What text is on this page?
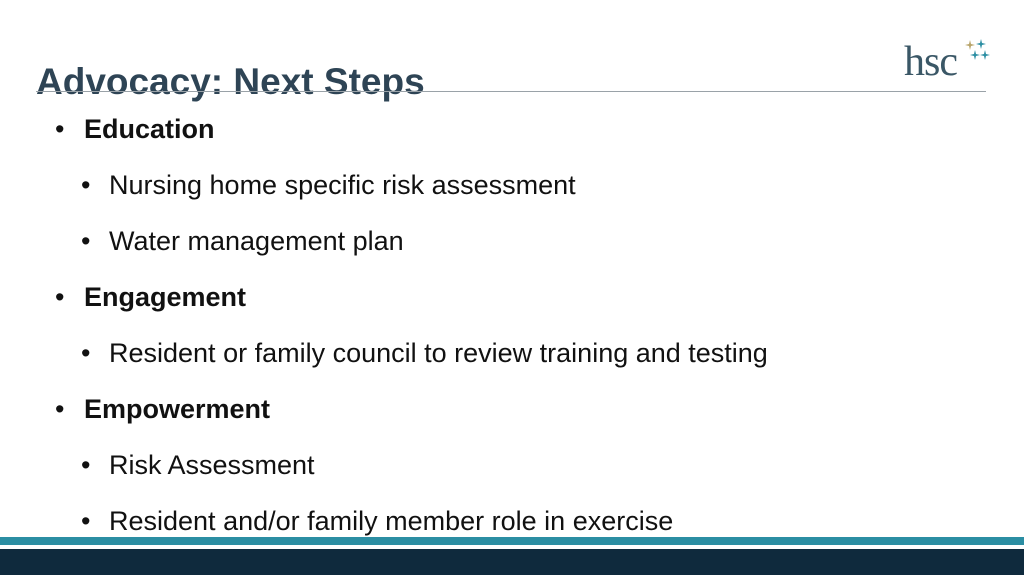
Advocacy: Next Steps	hsc
• Education
• Nursing home specific risk assessment
• Water management plan
• Engagement
• Resident or family council to review training and testing
• Empowerment
• Risk Assessment
• Resident and/or family member role in exercise
